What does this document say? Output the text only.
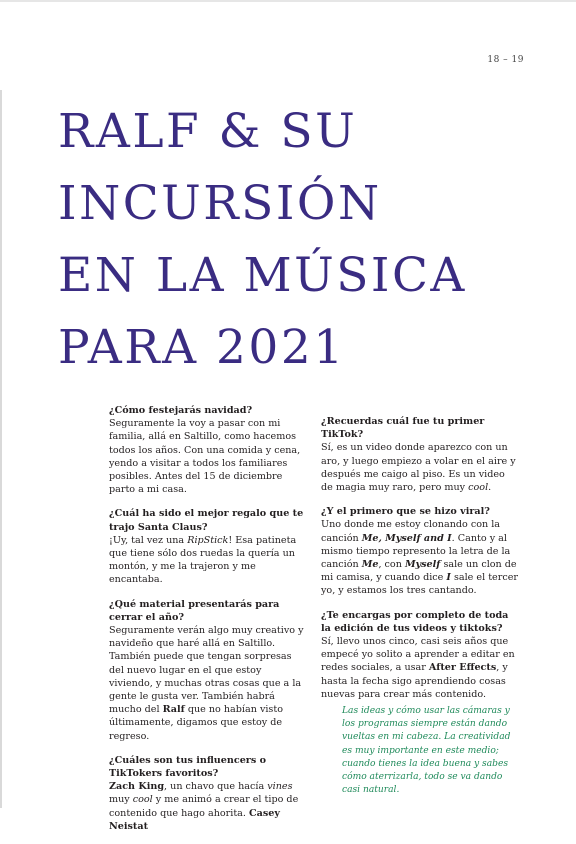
18 – 19
RALF & SU
INCURSIÓN
EN LA MÚSICA
PARA 2021
¿Cómo festejarás navidad?
Seguramente la voy a pasar con mi familia, allá en Saltillo, como hacemos todos los años. Con una comida y cena, yendo a visitar a todos los familiares posibles. Antes del 15 de diciembre parto a mi casa.
¿Cuál ha sido el mejor regalo que te trajo Santa Claus?
¡Uy, tal vez una RipStick! Esa patineta que tiene sólo dos ruedas la quería un montón, y me la trajeron y me encantaba.
¿Qué material presentarás para cerrar el año?
Seguramente verán algo muy creativo y navideño que haré allá en Saltillo. También puede que tengan sorpresas del nuevo lugar en el que estoy viviendo, y muchas otras cosas que a la gente le gusta ver. También habrá mucho del Ralf que no habían visto últimamente, digamos que estoy de regreso.
¿Cuáles son tus influencers o TikTokers favoritos?
Zach King, un chavo que hacía vines muy cool y me animó a crear el tipo de contenido que hago ahorita. Casey Neistat
¿Recuerdas cuál fue tu primer TikTok?
Sí, es un video donde aparezco con un aro, y luego empiezo a volar en el aire y después me caigo al piso. Es un video de magia muy raro, pero muy cool.
¿Y el primero que se hizo viral?
Uno donde me estoy clonando con la canción Me, Myself and I. Canto y al mismo tiempo represento la letra de la canción Me, con Myself sale un clon de mi camisa, y cuando dice I sale el tercer yo, y estamos los tres cantando.
¿Te encargas por completo de toda la edición de tus videos y tiktoks?
Sí, llevo unos cinco, casi seis años que empecé yo solito a aprender a editar en redes sociales, a usar After Effects, y hasta la fecha sigo aprendiendo cosas nuevas para crear más contenido.
Las ideas y cómo usar las cámaras y los programas siempre están dando vueltas en mi cabeza. La creatividad es muy importante en este medio; cuando tienes la idea buena y sabes cómo aterrizarla, todo se va dando casi natural.
